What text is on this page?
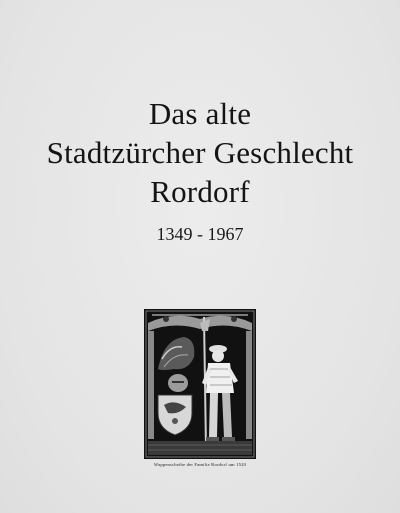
Das alte
Stadtzürcher Geschlecht
Rordorf
1349 - 1967
Wappenscheibe der Familie Rordorf um 1520
